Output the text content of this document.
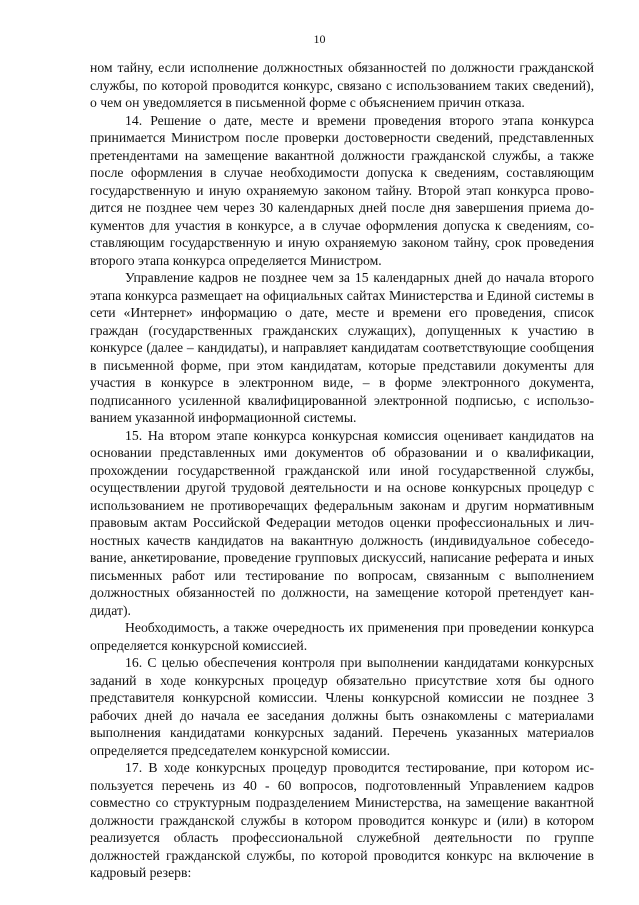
10

ном тайну, если исполнение должностных обязанностей по должности гражданской службы, по которой проводится конкурс, связано с использованием таких сведений), о чем он уведомляется в письменной форме с объяснением причин отказа.

14. Решение о дате, месте и времени проведения второго этапа конкурса принимается Министром после проверки достоверности сведений, представленных претендентами на замещение вакантной должности гражданской службы, а также после оформления в случае необходимости допуска к сведениям, составляющим государственную и иную охраняемую законом тайну. Второй этап конкурса проводится не позднее чем через 30 календарных дней после дня завершения приема документов для участия в конкурсе, а в случае оформления допуска к сведениям, составляющим государственную и иную охраняемую законом тайну, срок проведения второго этапа конкурса определяется Министром.

Управление кадров не позднее чем за 15 календарных дней до начала второго этапа конкурса размещает на официальных сайтах Министерства и Единой системы в сети «Интернет» информацию о дате, месте и времени его проведения, список граждан (государственных гражданских служащих), допущенных к участию в конкурсе (далее – кандидаты), и направляет кандидатам соответствующие сообщения в письменной форме, при этом кандидатам, которые представили документы для участия в конкурсе в электронном виде, – в форме электронного документа, подписанного усиленной квалифицированной электронной подписью, с использованием указанной информационной системы.

15. На втором этапе конкурса конкурсная комиссия оценивает кандидатов на основании представленных ими документов об образовании и о квалификации, прохождении государственной гражданской или иной государственной службы, осуществлении другой трудовой деятельности и на основе конкурсных процедур с использованием не противоречащих федеральным законам и другим нормативным правовым актам Российской Федерации методов оценки профессиональных и личностных качеств кандидатов на вакантную должность (индивидуальное собеседование, анкетирование, проведение групповых дискуссий, написание реферата и иных письменных работ или тестирование по вопросам, связанным с выполнением должностных обязанностей по должности, на замещение которой претендует кандидат).

Необходимость, а также очередность их применения при проведении конкурса определяется конкурсной комиссией.

16. С целью обеспечения контроля при выполнении кандидатами конкурсных заданий в ходе конкурсных процедур обязательно присутствие хотя бы одного представителя конкурсной комиссии. Члены конкурсной комиссии не позднее 3 рабочих дней до начала ее заседания должны быть ознакомлены с материалами выполнения кандидатами конкурсных заданий. Перечень указанных материалов определяется председателем конкурсной комиссии.

17. В ходе конкурсных процедур проводится тестирование, при котором используется перечень из 40 - 60 вопросов, подготовленный Управлением кадров совместно со структурным подразделением Министерства, на замещение вакантной должности гражданской службы в котором проводится конкурс и (или) в котором реализуется область профессиональной служебной деятельности по группе должностей гражданской службы, по которой проводится конкурс на включение в кадровый резерв:
